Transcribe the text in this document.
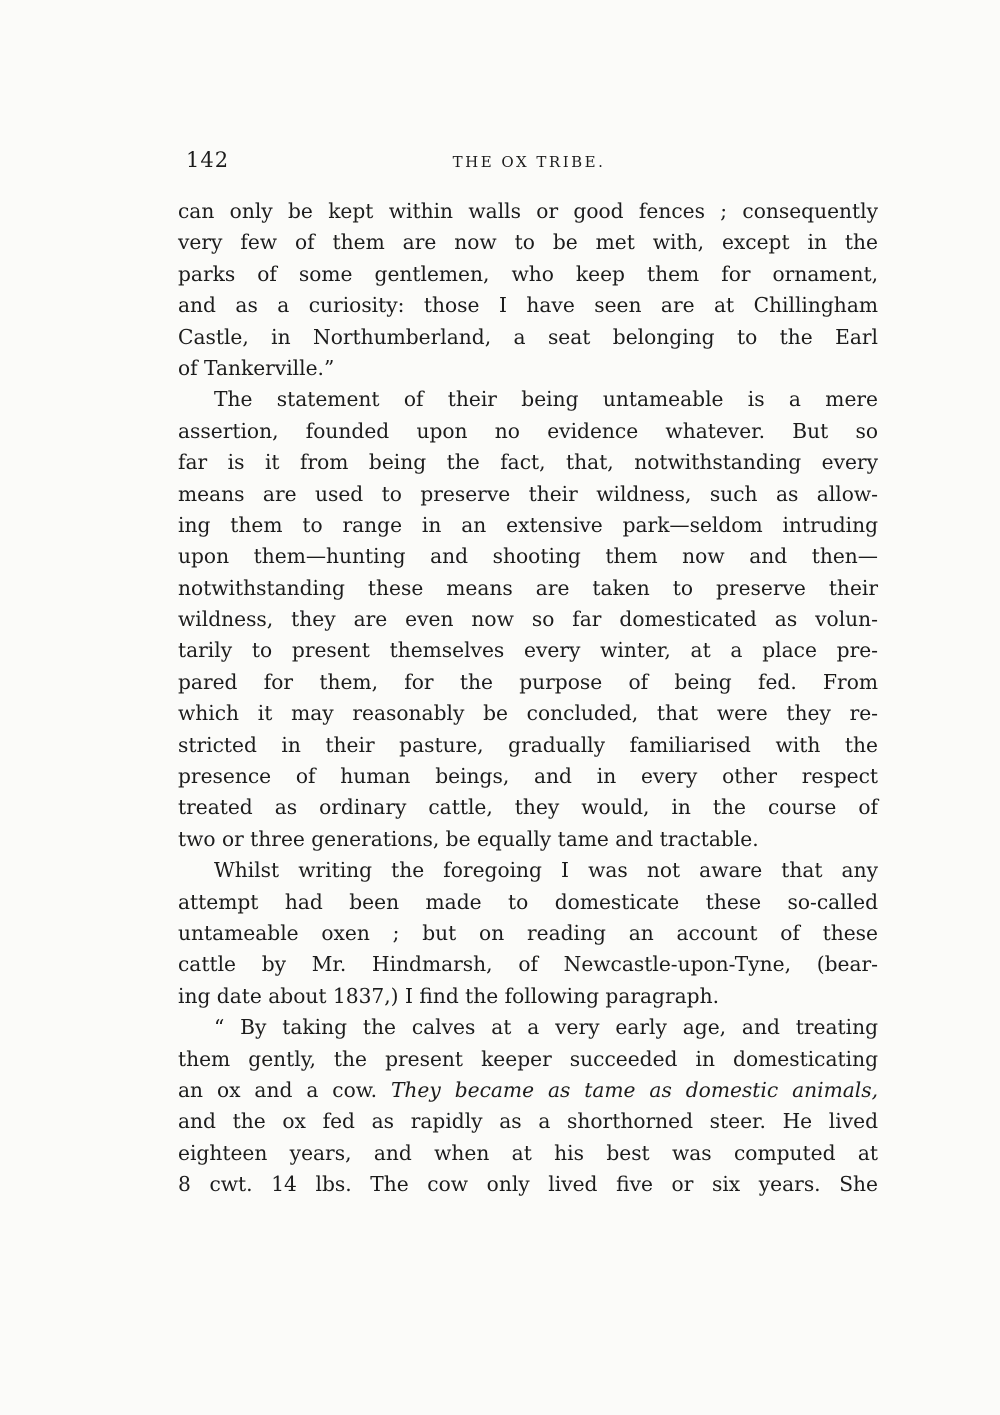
142	THE OX TRIBE.
can only be kept within walls or good fences ; consequently
very few of them are now to be met with, except in the
parks of some gentlemen, who keep them for ornament,
and as a curiosity: those I have seen are at Chillingham
Castle, in Northumberland, a seat belonging to the Earl
of Tankerville.”
The statement of their being untameable is a mere
assertion, founded upon no evidence whatever. But so
far is it from being the fact, that, notwithstanding every
means are used to preserve their wildness, such as allow-
ing them to range in an extensive park—seldom intruding
upon them—hunting and shooting them now and then—
notwithstanding these means are taken to preserve their
wildness, they are even now so far domesticated as volun-
tarily to present themselves every winter, at a place pre-
pared for them, for the purpose of being fed. From
which it may reasonably be concluded, that were they re-
stricted in their pasture, gradually familiarised with the
presence of human beings, and in every other respect
treated as ordinary cattle, they would, in the course of
two or three generations, be equally tame and tractable.
Whilst writing the foregoing I was not aware that any
attempt had been made to domesticate these so-called
untameable oxen ; but on reading an account of these
cattle by Mr. Hindmarsh, of Newcastle-upon-Tyne, (bear-
ing date about 1837,) I find the following paragraph.
“ By taking the calves at a very early age, and treating
them gently, the present keeper succeeded in domesticating
an ox and a cow. They became as tame as domestic animals,
and the ox fed as rapidly as a shorthorned steer. He lived
eighteen years, and when at his best was computed at
8 cwt. 14 lbs. The cow only lived five or six years. She
